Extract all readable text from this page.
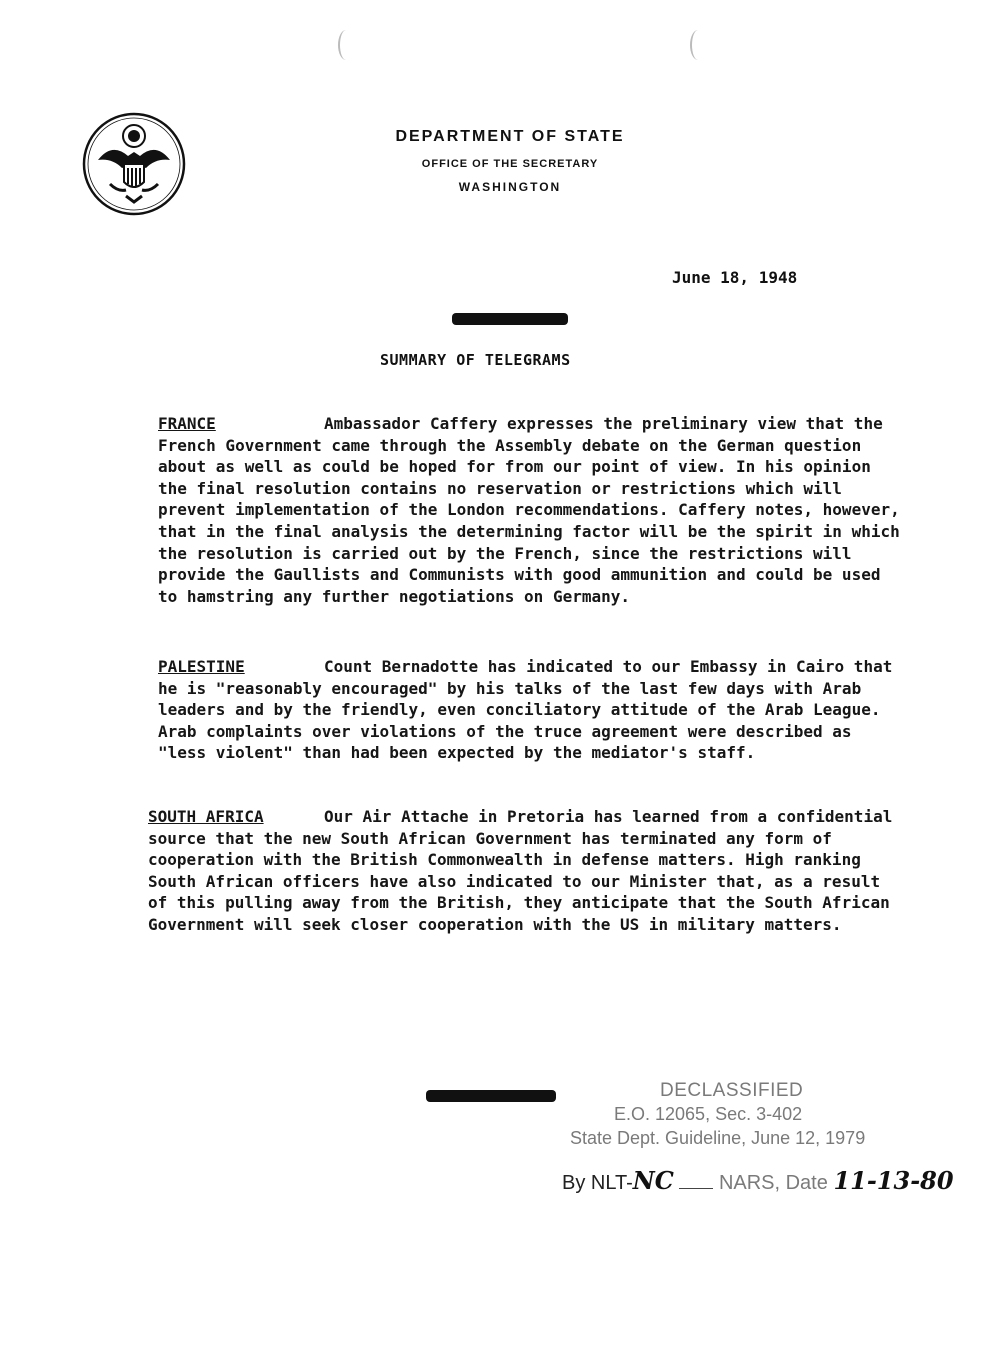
DEPARTMENT OF STATE
OFFICE OF THE SECRETARY
WASHINGTON
June 18, 1948
SUMMARY OF TELEGRAMS
FRANCE	Ambassador Caffery expresses the preliminary view that the French Government came through the Assembly debate on the German question about as well as could be hoped for from our point of view. In his opinion the final resolution contains no reservation or restrictions which will prevent implementation of the London recommendations. Caffery notes, however, that in the final analysis the determining factor will be the spirit in which the resolution is carried out by the French, since the restrictions will provide the Gaullists and Communists with good ammunition and could be used to hamstring any further negotiations on Germany.
PALESTINE	Count Bernadotte has indicated to our Embassy in Cairo that he is "reasonably encouraged" by his talks of the last few days with Arab leaders and by the friendly, even conciliatory attitude of the Arab League. Arab complaints over violations of the truce agreement were described as "less violent" than had been expected by the mediator's staff.
SOUTH AFRICA	Our Air Attache in Pretoria has learned from a confidential source that the new South African Government has terminated any form of cooperation with the British Commonwealth in defense matters. High ranking South African officers have also indicated to our Minister that, as a result of this pulling away from the British, they anticipate that the South African Government will seek closer cooperation with the US in military matters.
DECLASSIFIED
E.O. 12065, Sec. 3-402
State Dept. Guideline, June 12, 1979
By NLT-NC NARS, Date 11-13-80
